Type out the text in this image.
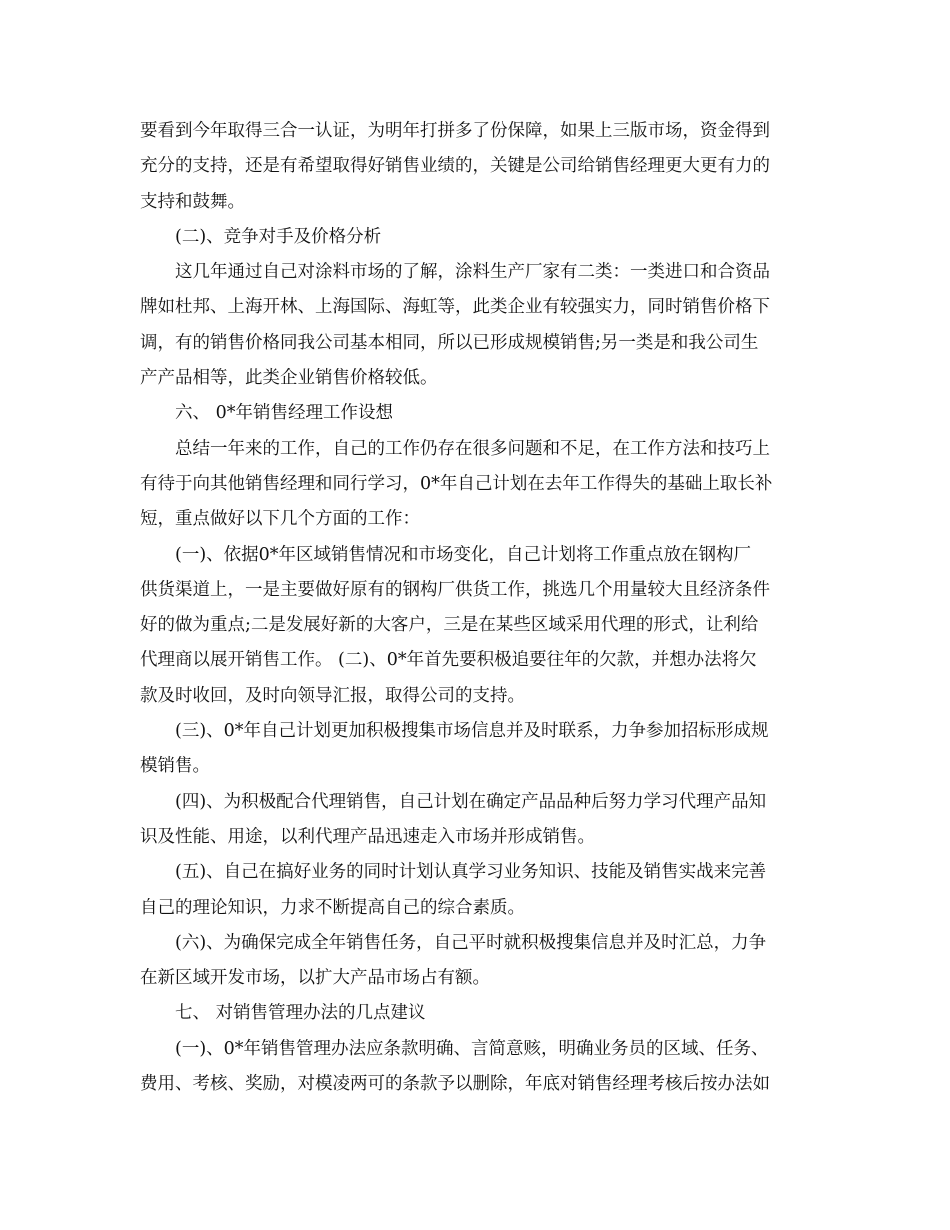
要看到今年取得三合一认证，为明年打拼多了份保障，如果上三版市场，资金得到
充分的支持，还是有希望取得好销售业绩的，关键是公司给销售经理更大更有力的
支持和鼓舞。
(二)、竞争对手及价格分析
这几年通过自己对涂料市场的了解，涂料生产厂家有二类：一类进口和合资品
牌如杜邦、上海开林、上海国际、海虹等，此类企业有较强实力，同时销售价格下
调，有的销售价格同我公司基本相同，所以已形成规模销售;另一类是和我公司生
产产品相等，此类企业销售价格较低。
六、 0*年销售经理工作设想
总结一年来的工作，自己的工作仍存在很多问题和不足，在工作方法和技巧上
有待于向其他销售经理和同行学习，0*年自己计划在去年工作得失的基础上取长补
短，重点做好以下几个方面的工作：
(一)、依据0*年区域销售情况和市场变化，自己计划将工作重点放在钢构厂
供货渠道上，一是主要做好原有的钢构厂供货工作，挑选几个用量较大且经济条件
好的做为重点;二是发展好新的大客户，三是在某些区域采用代理的形式，让利给
代理商以展开销售工作。 (二)、0*年首先要积极追要往年的欠款，并想办法将欠
款及时收回，及时向领导汇报，取得公司的支持。
(三)、0*年自己计划更加积极搜集市场信息并及时联系，力争参加招标形成规
模销售。
(四)、为积极配合代理销售，自己计划在确定产品品种后努力学习代理产品知
识及性能、用途，以利代理产品迅速走入市场并形成销售。
(五)、自己在搞好业务的同时计划认真学习业务知识、技能及销售实战来完善
自己的理论知识，力求不断提高自己的综合素质。
(六)、为确保完成全年销售任务，自己平时就积极搜集信息并及时汇总，力争
在新区域开发市场，以扩大产品市场占有额。
七、 对销售管理办法的几点建议
(一)、0*年销售管理办法应条款明确、言简意赅，明确业务员的区域、任务、
费用、考核、奖励，对模凌两可的条款予以删除，年底对销售经理考核后按办法如
